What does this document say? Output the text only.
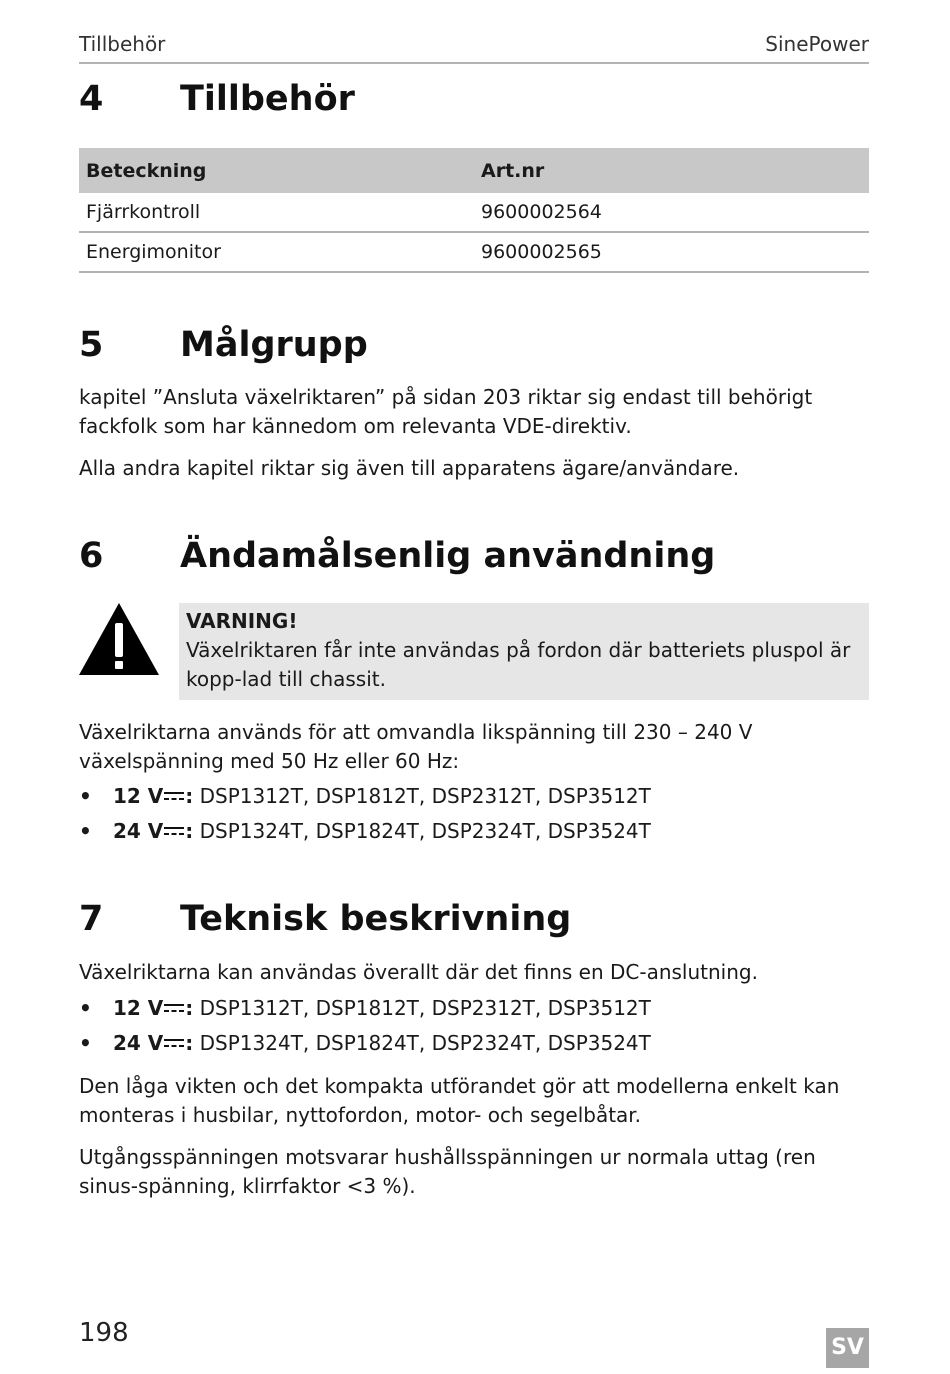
Tillbehör	SinePower
4 Tillbehör
Beteckning	Art.nr
Fjärrkontroll	9600002564
Energimonitor	9600002565
5 Målgrupp
kapitel ”Ansluta växelriktaren” på sidan 203 riktar sig endast till behörigt fackfolk som har kännedom om relevanta VDE-direktiv.
Alla andra kapitel riktar sig även till apparatens ägare/användare.
6 Ändamålsenlig användning
VARNING!
Växelriktaren får inte användas på fordon där batteriets pluspol är kopp-lad till chassit.
Växelriktarna används för att omvandla likspänning till 230 – 240 V växelspänning med 50 Hz eller 60 Hz:
• 12 V : DSP1312T, DSP1812T, DSP2312T, DSP3512T
• 24 V : DSP1324T, DSP1824T, DSP2324T, DSP3524T
7 Teknisk beskrivning
Växelriktarna kan användas överallt där det finns en DC-anslutning.
• 12 V : DSP1312T, DSP1812T, DSP2312T, DSP3512T
• 24 V : DSP1324T, DSP1824T, DSP2324T, DSP3524T
Den låga vikten och det kompakta utförandet gör att modellerna enkelt kan monteras i husbilar, nyttofordon, motor- och segelbåtar.
Utgångsspänningen motsvarar hushållsspänningen ur normala uttag (ren sinus-spänning, klirrfaktor <3 %).
198	SV
